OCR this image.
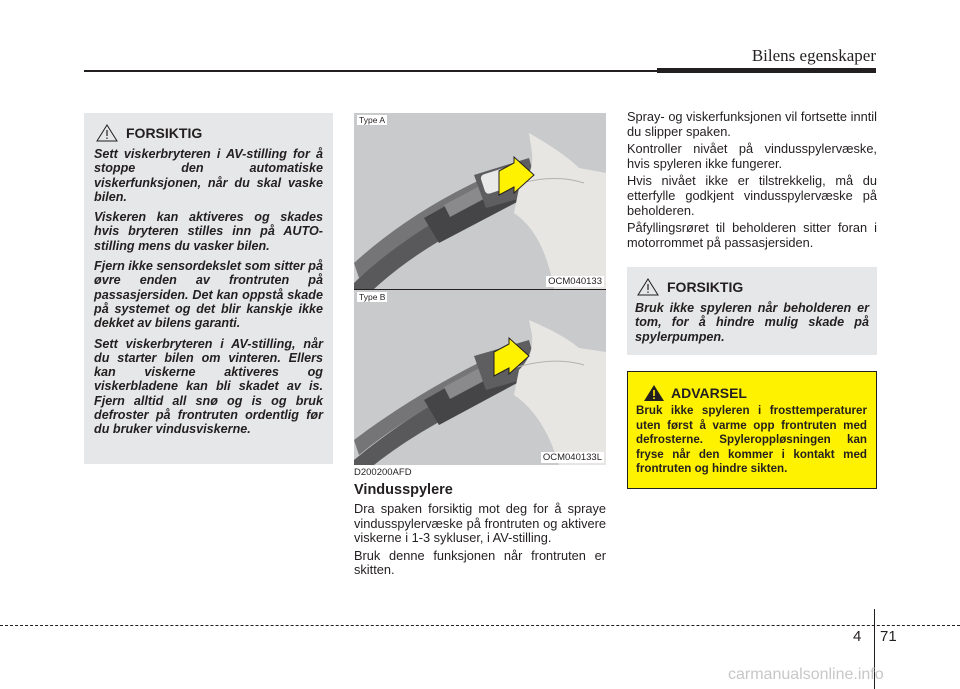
Bilens egenskaper
FORSIKTIG

Sett viskerbryteren i AV-stilling for å stoppe den automatiske viskerfunksjonen, når du skal vaske bilen.

Viskeren kan aktiveres og skades hvis bryteren stilles inn på AUTO-stilling mens du vasker bilen.

Fjern ikke sensordekslet som sitter på øvre enden av frontruten på passasjersiden. Det kan oppstå skade på systemet og det blir kanskje ikke dekket av bilens garanti.

Sett viskerbryteren i AV-stilling, når du starter bilen om vinteren. Ellers kan viskerne aktiveres og viskerbladene kan bli skadet av is. Fjern alltid all snø og is og bruk defroster på frontruten ordentlig før du bruker vindusviskerne.

Type A
OCM040133
Type B
OCM040133L
D200200AFD
Vindusspylere

Dra spaken forsiktig mot deg for å spraye vindusspylervæske på frontruten og aktivere viskerne i 1-3 sykluser, i AV-stilling.

Bruk denne funksjonen når frontruten er skitten.

Spray- og viskerfunksjonen vil fortsette inntil du slipper spaken.

Kontroller nivået på vindusspylervæske, hvis spyleren ikke fungerer.

Hvis nivået ikke er tilstrekkelig, må du etterfylle godkjent vindusspylervæske på beholderen.

Påfyllingsrøret til beholderen sitter foran i motorrommet på passasjersiden.

FORSIKTIG

Bruk ikke spyleren når beholderen er tom, for å hindre mulig skade på spylerpumpen.

ADVARSEL

Bruk ikke spyleren i frosttemperaturer uten først å varme opp frontruten med defrosterne. Spyleroppløsningen kan fryse når den kommer i kontakt med frontruten og hindre sikten.

4 71
carmanualsonline.info
